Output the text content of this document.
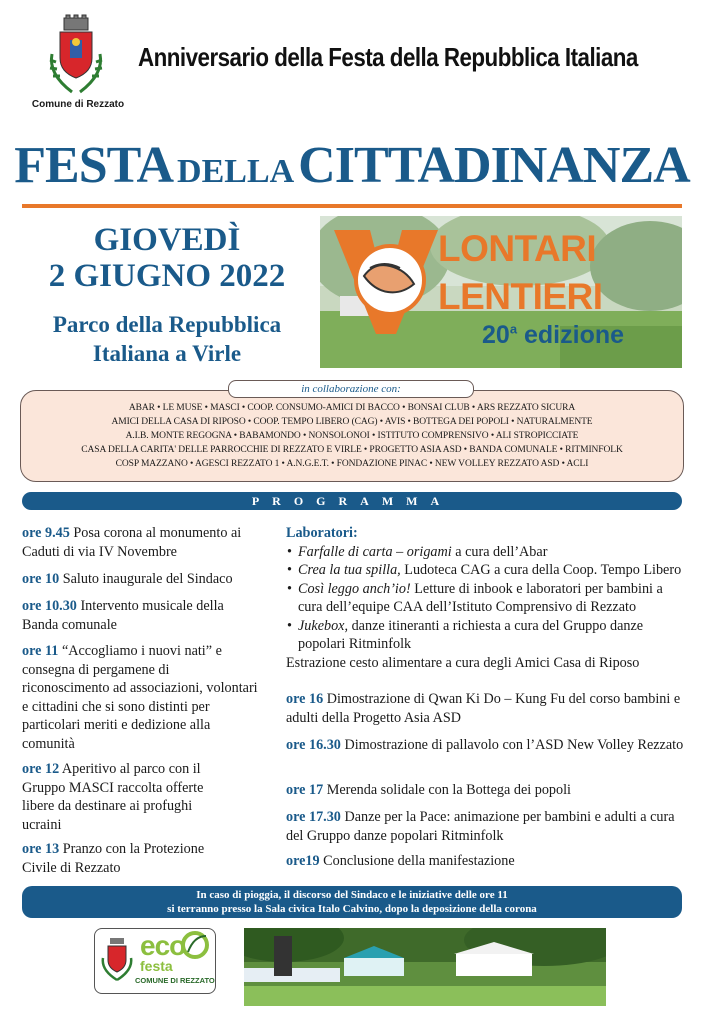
Comune di Rezzato
Anniversario della Festa della Repubblica Italiana
FESTA DELLA CITTADINANZA
GIOVEDÌ
2 GIUGNO 2022
Parco della Repubblica
Italiana a Virle
LONTARI
LENTIERI
20$^a$ edizione
ABAR • LE MUSE • MASCI • COOP. CONSUMO-AMICI DI BACCO • BONSAI CLUB • ARS REZZATO SICURA
AMICI DELLA CASA DI RIPOSO • COOP. TEMPO LIBERO (CAG) • AVIS • BOTTEGA DEI POPOLI • NATURALMENTE
A.I.B. MONTE REGOGNA • BABAMONDO • NONSOLONOI • ISTITUTO COMPRENSIVO • ALI STROPICCIATE
CASA DELLA CARITA' DELLE PARROCCHIE DI REZZATO E VIRLE • PROGETTO ASIA ASD • BANDA COMUNALE • RITMINFOLK
COSP MAZZANO • AGESCI REZZATO 1 • A.N.G.E.T. • FONDAZIONE PINAC • NEW VOLLEY REZZATO ASD • ACLI
in collaborazione con:
PROGRAMMA
ore 9.45 Posa corona al monumento ai Caduti di via IV Novembre
ore 10 Saluto inaugurale del Sindaco
ore 10.30 Intervento musicale della Banda comunale
ore 11 “Accogliamo i nuovi nati” e consegna di pergamene di riconoscimento ad associazioni, volontari e cittadini che si sono distinti per particolari meriti e dedizione alla comunità
ore 12 Aperitivo al parco con il Gruppo MASCI raccolta offerte libere da destinare ai profughi ucraini
ore 13 Pranzo con la Protezione Civile di Rezzato
Laboratori:
• Farfalle di carta – origami a cura dell’Abar
• Crea la tua spilla, Ludoteca CAG a cura della Coop. Tempo Libero
• Così leggo anch’io! Letture di inbook e laboratori per bambini a cura dell’equipe CAA dell’Istituto Comprensivo di Rezzato
• Jukebox, danze itineranti a richiesta a cura del Gruppo danze popolari Ritminfolk
Estrazione cesto alimentare a cura degli Amici Casa di Riposo
ore 16 Dimostrazione di Qwan Ki Do – Kung Fu del corso bambini e adulti della Progetto Asia ASD
ore 16.30 Dimostrazione di pallavolo con l’ASD New Volley Rezzato
ore 17 Merenda solidale con la Bottega dei popoli
ore 17.30 Danze per la Pace: animazione per bambini e adulti a cura del Gruppo danze popolari Ritminfolk
ore19 Conclusione della manifestazione
In caso di pioggia, il discorso del Sindaco e le iniziative delle ore 11
si terranno presso la Sala civica Italo Calvino, dopo la deposizione della corona
eco
festa
COMUNE DI REZZATO
